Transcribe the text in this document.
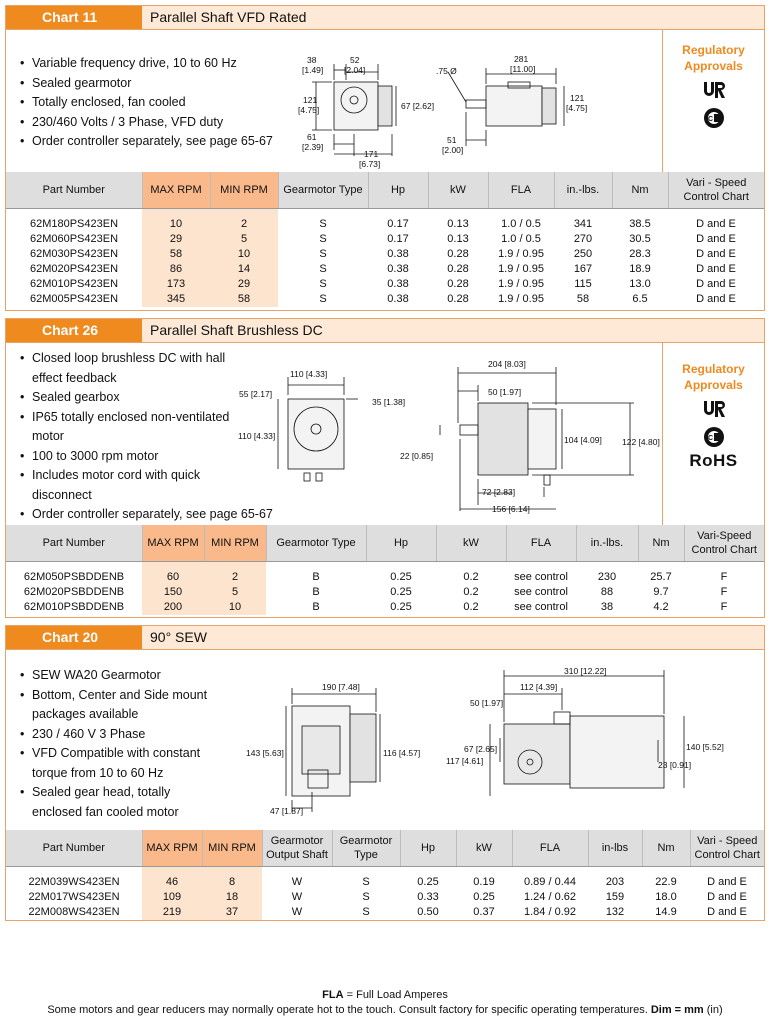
Chart 11	Parallel Shaft VFD Rated
• Variable frequency drive, 10 to 60 Hz
• Sealed gearmotor
• Totally enclosed, fan cooled
• 230/460 Volts / 3 Phase, VFD duty
• Order controller separately, see page 65-67
38
[1.49]
52
[2.04]
121
[4.75]	67 [2.62]
61
[2.39]
171
[6.73]
.75 Ø
281
[11.00]
121
[4.75]
51
[2.00]
Regulatory
Approvals
C
Part Number	MAX RPM	MIN RPM	Gearmotor Type	Hp	kW	FLA	in.-lbs.	Nm	Vari - Speed Control Chart
62M180PS423EN	10	2	S	0.17	0.13	1.0 / 0.5	341	38.5	D and E
62M060PS423EN	29	5	S	0.17	0.13	1.0 / 0.5	270	30.5	D and E
62M030PS423EN	58	10	S	0.38	0.28	1.9 / 0.95	250	28.3	D and E
62M020PS423EN	86	14	S	0.38	0.28	1.9 / 0.95	167	18.9	D and E
62M010PS423EN	173	29	S	0.38	0.28	1.9 / 0.95	115	13.0	D and E
62M005PS423EN	345	58	S	0.38	0.28	1.9 / 0.95	58	6.5	D and E
Chart 26	Parallel Shaft Brushless DC
• Closed loop brushless DC with hall effect feedback
• Sealed gearbox
• IP65 totally enclosed non-ventilated motor
• 100 to 3000 rpm motor
• Includes motor cord with quick disconnect
• Order controller separately, see page 65-67
110 [4.33]
55 [2.17]
35 [1.38]
110 [4.33]
204 [8.03]
50 [1.97]
104 [4.09] 122 [4.80]
22 [0.85]
72 [2.83]
156 [6.14]
Regulatory
Approvals
C
RoHS
Part Number	MAX RPM	MIN RPM	Gearmotor Type	Hp	kW	FLA	in.-lbs.	Nm	Vari-Speed Control Chart
62M050PSBDDENB	60	2	B	0.25	0.2	see control	230	25.7	F
62M020PSBDDENB	150	5	B	0.25	0.2	see control	88	9.7	F
62M010PSBDDENB	200	10	B	0.25	0.2	see control	38	4.2	F
Chart 20	90° SEW
• SEW WA20 Gearmotor
• Bottom, Center and Side mount packages available
• 230 / 460 V 3 Phase
• VFD Compatible with constant torque from 10 to 60 Hz
• Sealed gear head, totally enclosed fan cooled motor
190 [7.48]
143 [5.63]	116 [4.57]
47 [1.87]
310 [12.22]
112 [4.39]
50 [1.97]
67 [2.65]
117 [4.61]
140 [5.52]
23 [0.91]
Part Number	MAX RPM	MIN RPM	Gearmotor Output Shaft	Gearmotor Type	Hp	kW	FLA	in-lbs	Nm	Vari - Speed Control Chart
22M039WS423EN	46	8	W	S	0.25	0.19	0.89 / 0.44	203	22.9	D and E
22M017WS423EN	109	18	W	S	0.33	0.25	1.24 / 0.62	159	18.0	D and E
22M008WS423EN	219	37	W	S	0.50	0.37	1.84 / 0.92	132	14.9	D and E
FLA = Full Load Amperes
Some motors and gear reducers may normally operate hot to the touch. Consult factory for specific operating temperatures. Dim = mm (in)
